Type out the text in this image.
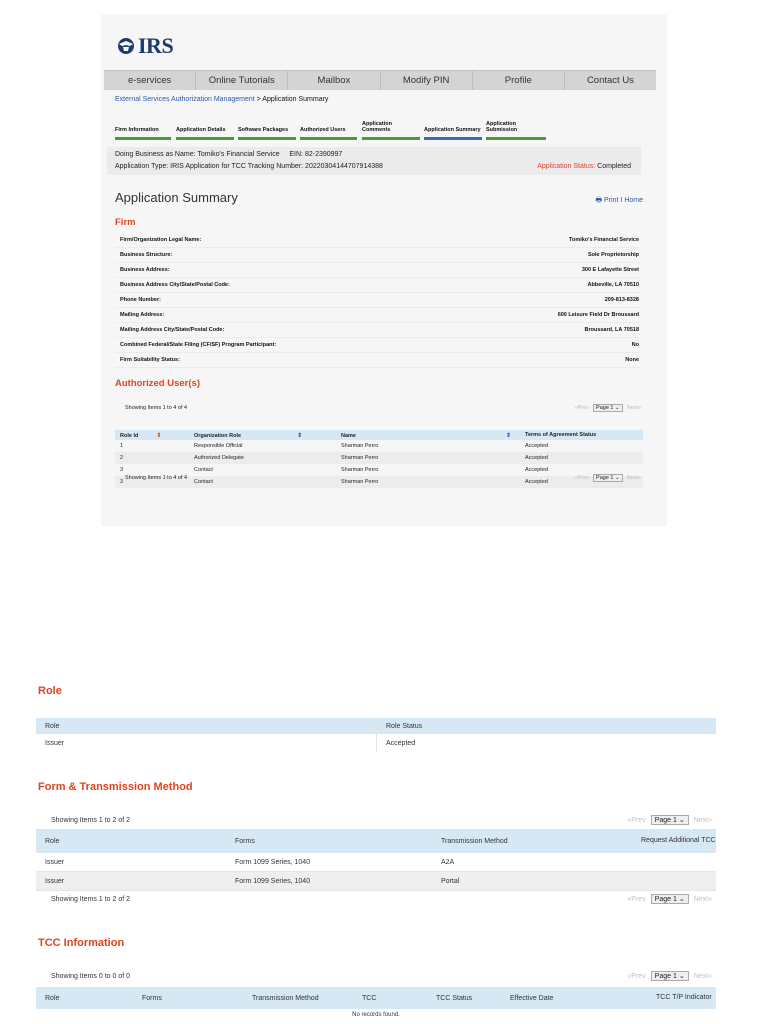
IRS
e-services	Online Tutorials	Mailbox	Modify PIN	Profile	Contact Us
External Services Authorization Management > Application Summary
Firm Information	Application Details	Software Packages	Authorized Users
Application Comments	Application Summary
Application Submission
Doing Business as Name: Tomiko's Financial Service EIN: 82-2390997
Application Type: IRIS Application for TCC Tracking Number: 20220304144707914388	Application Status: Completed
Application Summary	🖶 Print I Home
Firm
Firm/Organization Legal Name:	Tomiko's Financial Service
Business Structure:	Sole Proprietorship
Business Address:	300 E Lafayette Street
Business Address City/State/Postal Code:	Abbeville, LA 70510
Phone Number:	209-813-8328
Mailing Address:	600 Leisure Field Dr Broussard
Mailing Address City/State/Postal Code:	Broussard, LA 70518
Combined Federal/State Filing (CF/SF) Program Participant:	No
Firm Suitability Status:	None
Authorized User(s)
Showing Items 1 to 4 of 4	«Prev	Page 1 ⌄	Next»
Role Id	⇕	Organization Role	⇕	Name	⇕	Terms of Agreement Status
1	Responsible Official	Sharman Perro	Accepted
2	Authorized Delegate	Sharman Perro	Accepted
3	Contact	Sharman Perro	Accepted
3	Contact	Sharman Perro	Accepted
Showing Items 1 to 4 of 4	«Prev	Page 1 ⌄	Next»
Role
Role	Role Status
Issuer	Accepted
Form & Transmission Method
Showing Items 1 to 2 of 2	«Prev	Page 1 ⌄	Next»
Role	Forms	Transmission Method	Request Additional TCC
Issuer	Form 1099 Series, 1040	A2A
Issuer	Form 1099 Series, 1040	Portal
Showing Items 1 to 2 of 2	«Prev	Page 1 ⌄	Next»
TCC Information
Showing Items 0 to 0 of 0	«Prev	Page 1 ⌄	Next»
Role	Forms	Transmission Method	TCC	TCC Status	Effective Date	TCC T/P Indicator
No records found.
